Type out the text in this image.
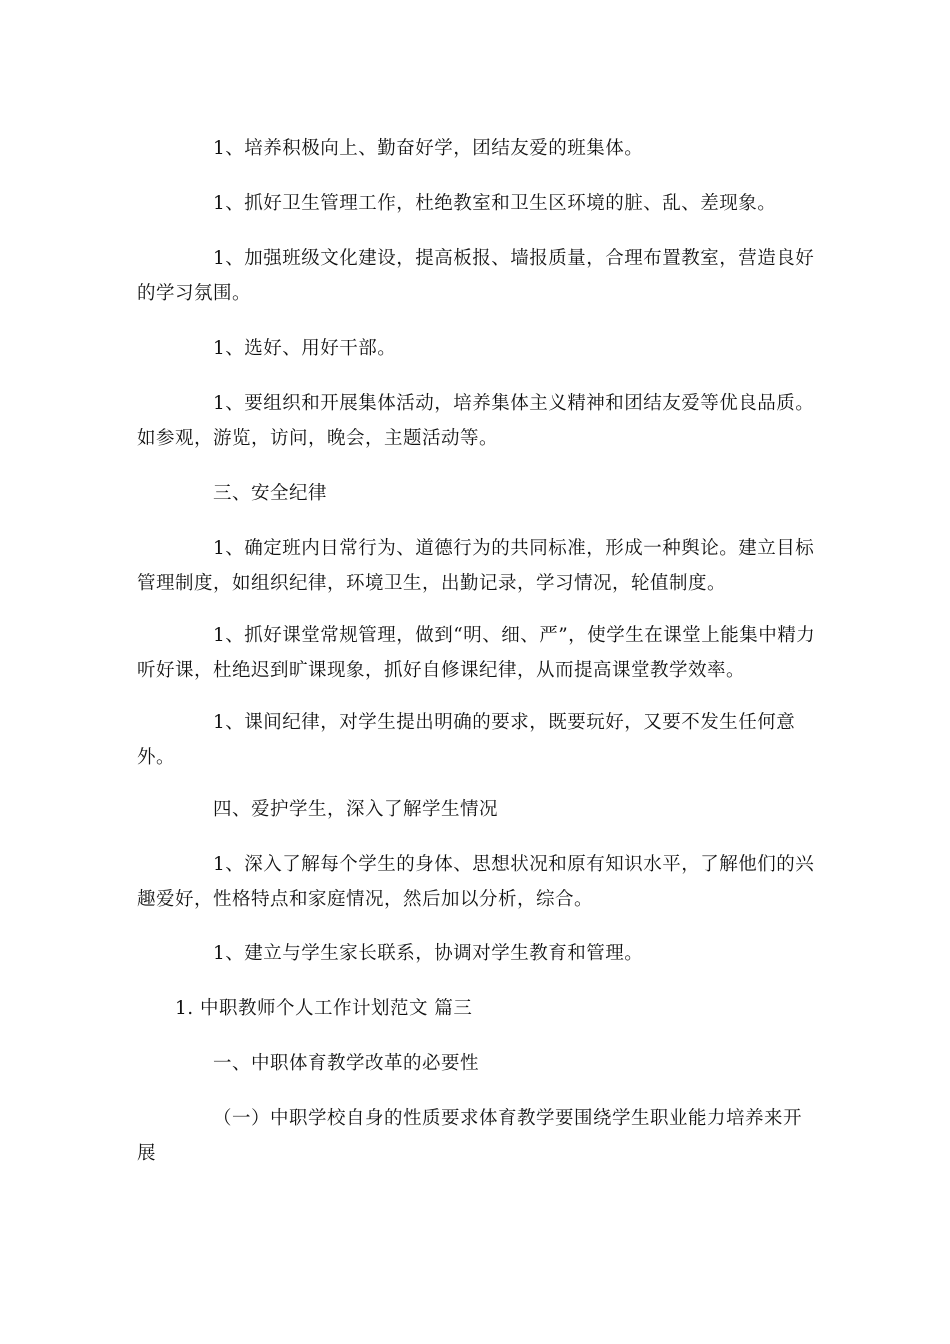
1、培养积极向上、勤奋好学，团结友爱的班集体。

1、抓好卫生管理工作，杜绝教室和卫生区环境的脏、乱、差现象。

1、加强班级文化建设，提高板报、墙报质量，合理布置教室，营造良好的学习氛围。

1、选好、用好干部。

1、要组织和开展集体活动，培养集体主义精神和团结友爱等优良品质。如参观，游览，访问，晚会，主题活动等。

三、安全纪律

1、确定班内日常行为、道德行为的共同标准，形成一种舆论。建立目标管理制度，如组织纪律，环境卫生，出勤记录，学习情况，轮值制度。

1、抓好课堂常规管理，做到“明、细、严”，使学生在课堂上能集中精力听好课，杜绝迟到旷课现象，抓好自修课纪律，从而提高课堂教学效率。

1、课间纪律，对学生提出明确的要求，既要玩好，又要不发生任何意外。

四、爱护学生，深入了解学生情况

1、深入了解每个学生的身体、思想状况和原有知识水平，了解他们的兴趣爱好，性格特点和家庭情况，然后加以分析，综合。

1、建立与学生家长联系，协调对学生教育和管理。

1. 中职教师个人工作计划范文 篇三

一、中职体育教学改革的必要性

（一）中职学校自身的性质要求体育教学要围绕学生职业能力培养来开展
